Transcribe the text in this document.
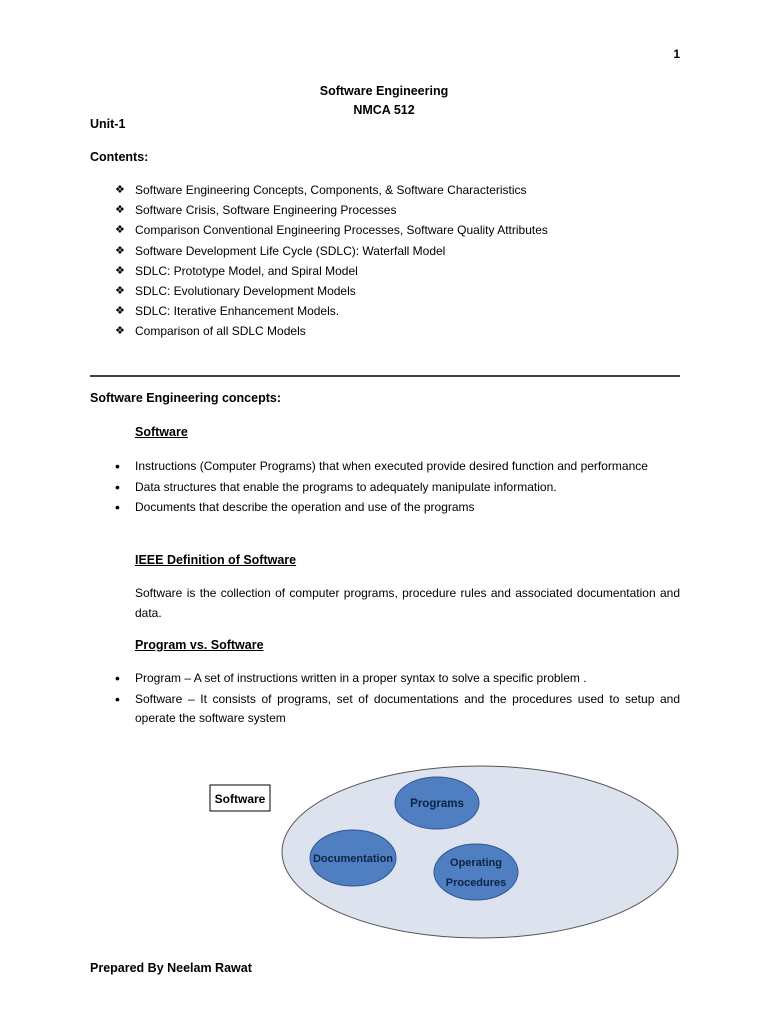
1
Software Engineering
NMCA 512
Unit-1
Contents:
❖ Software Engineering Concepts, Components, & Software Characteristics
❖ Software Crisis, Software Engineering Processes
❖ Comparison Conventional Engineering Processes, Software Quality Attributes
❖ Software Development Life Cycle (SDLC): Waterfall Model
❖ SDLC: Prototype Model, and Spiral Model
❖ SDLC: Evolutionary Development Models
❖ SDLC: Iterative Enhancement Models.
❖ Comparison of all SDLC Models
Software Engineering concepts:
Software
•	Instructions (Computer Programs) that when executed provide desired function and performance
•	Data structures that enable the programs to adequately manipulate information.
•	Documents that describe the operation and use of the programs
IEEE Definition of Software
Software is the collection of computer programs, procedure rules and associated documentation and data.
Program vs. Software
•	Program – A set of instructions written in a proper syntax to solve a specific problem .
•	Software – It consists of programs, set of documentations and the procedures used to setup and operate the software system
Software	Programs
Documentation	Operating
Procedures
Prepared By Neelam Rawat
